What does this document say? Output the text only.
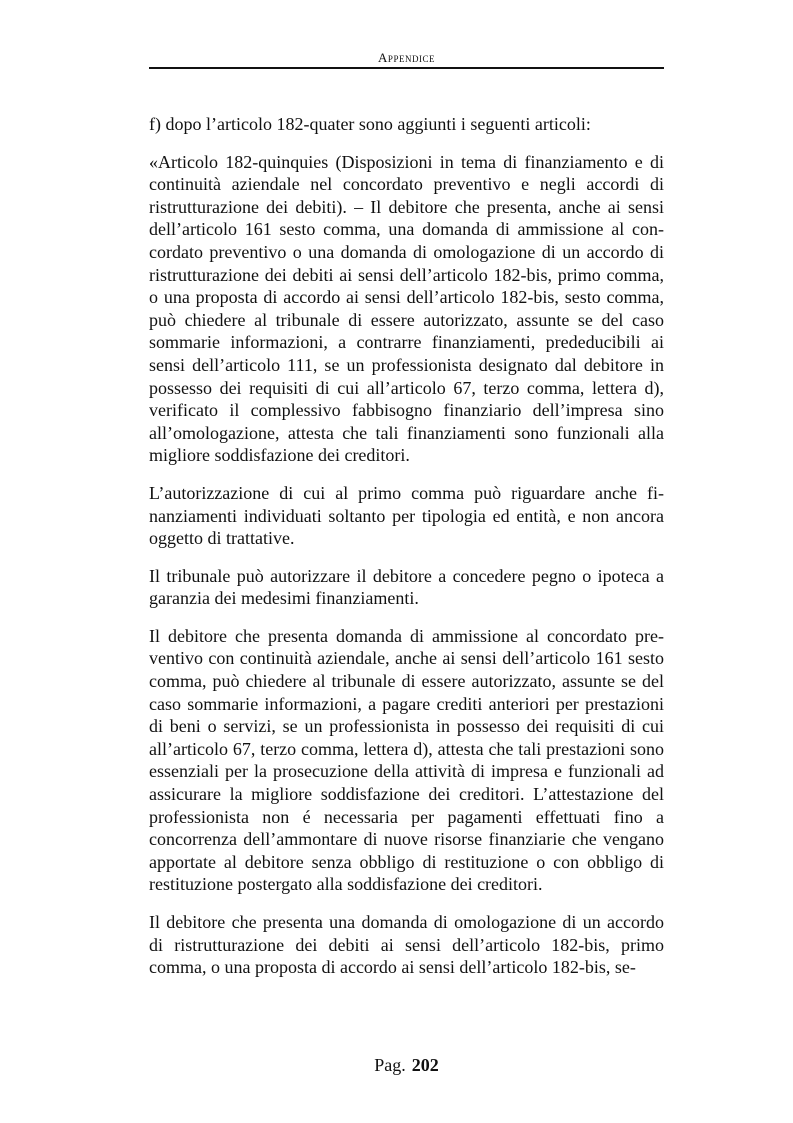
Appendice

f) dopo l’articolo 182-quater sono aggiunti i seguenti articoli:

«Articolo 182-quinquies (Disposizioni in tema di finanziamento e di continuità aziendale nel concordato preventivo e negli accordi di ristrutturazione dei debiti). – Il debitore che presenta, anche ai sensi dell’articolo 161 sesto comma, una domanda di ammissione al concordato preventivo o una domanda di omologazione di un accordo di ristrutturazione dei debiti ai sensi dell’articolo 182-bis, primo comma, o una proposta di accordo ai sensi dell’articolo 182-bis, sesto comma, può chiedere al tribunale di essere autorizzato, assunte se del caso sommarie informazioni, a contrarre finanziamenti, prededucibili ai sensi dell’articolo 111, se un professionista designato dal debitore in possesso dei requisiti di cui all’articolo 67, terzo comma, lettera d), verificato il complessivo fabbisogno finanziario dell’impresa sino all’omologazione, attesta che tali finanziamenti sono funzionali alla migliore soddisfazione dei creditori.

L’autorizzazione di cui al primo comma può riguardare anche finanziamenti individuati soltanto per tipologia ed entità, e non ancora oggetto di trattative.

Il tribunale può autorizzare il debitore a concedere pegno o ipoteca a garanzia dei medesimi finanziamenti.

Il debitore che presenta domanda di ammissione al concordato preventivo con continuità aziendale, anche ai sensi dell’articolo 161 sesto comma, può chiedere al tribunale di essere autorizzato, assunte se del caso sommarie informazioni, a pagare crediti anteriori per prestazioni di beni o servizi, se un professionista in possesso dei requisiti di cui all’articolo 67, terzo comma, lettera d), attesta che tali prestazioni sono essenziali per la prosecuzione della attività di impresa e funzionali ad assicurare la migliore soddisfazione dei creditori. L’attestazione del professionista non é necessaria per pagamenti effettuati fino a concorrenza dell’ammontare di nuove risorse finanziarie che vengano apportate al debitore senza obbligo di restituzione o con obbligo di restituzione postergato alla soddisfazione dei creditori.

Il debitore che presenta una domanda di omologazione di un accordo di ristrutturazione dei debiti ai sensi dell’articolo 182-bis, primo comma, o una proposta di accordo ai sensi dell’articolo 182-bis, se-

Pag. 202
